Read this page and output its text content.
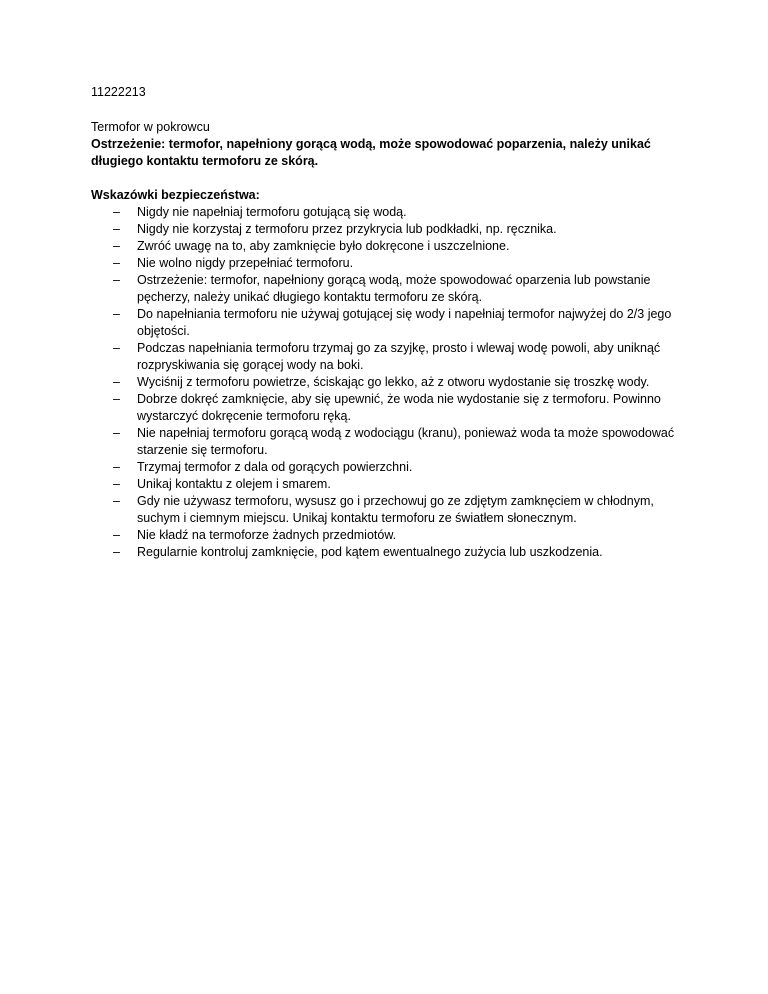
11222213

Termofor w pokrowcu

Ostrzeżenie: termofor, napełniony gorącą wodą, może spowodować poparzenia, należy unikać długiego kontaktu termoforu ze skórą.

Wskazówki bezpieczeństwa:

– Nigdy nie napełniaj termoforu gotującą się wodą.
– Nigdy nie korzystaj z termoforu przez przykrycia lub podkładki, np. ręcznika.
– Zwróć uwagę na to, aby zamknięcie było dokręcone i uszczelnione.
– Nie wolno nigdy przepełniać termoforu.
– Ostrzeżenie: termofor, napełniony gorącą wodą, może spowodować oparzenia lub powstanie pęcherzy, należy unikać długiego kontaktu termoforu ze skórą.
– Do napełniania termoforu nie używaj gotującej się wody i napełniaj termofor najwyżej do 2/3 jego objętości.
– Podczas napełniania termoforu trzymaj go za szyjkę, prosto i wlewaj wodę powoli, aby uniknąć rozpryskiwania się gorącej wody na boki.
– Wyciśnij z termoforu powietrze, ściskając go lekko, aż z otworu wydostanie się troszkę wody.
– Dobrze dokręć zamknięcie, aby się upewnić, że woda nie wydostanie się z termoforu. Powinno wystarczyć dokręcenie termoforu ręką.
– Nie napełniaj termoforu gorącą wodą z wodociągu (kranu), ponieważ woda ta może spowodować starzenie się termoforu.
– Trzymaj termofor z dala od gorących powierzchni.
– Unikaj kontaktu z olejem i smarem.
– Gdy nie używasz termoforu, wysusz go i przechowuj go ze zdjętym zamknęciem w chłodnym, suchym i ciemnym miejscu. Unikaj kontaktu termoforu ze światłem słonecznym.
– Nie kładź na termoforze żadnych przedmiotów.
– Regularnie kontroluj zamknięcie, pod kątem ewentualnego zużycia lub uszkodzenia.
